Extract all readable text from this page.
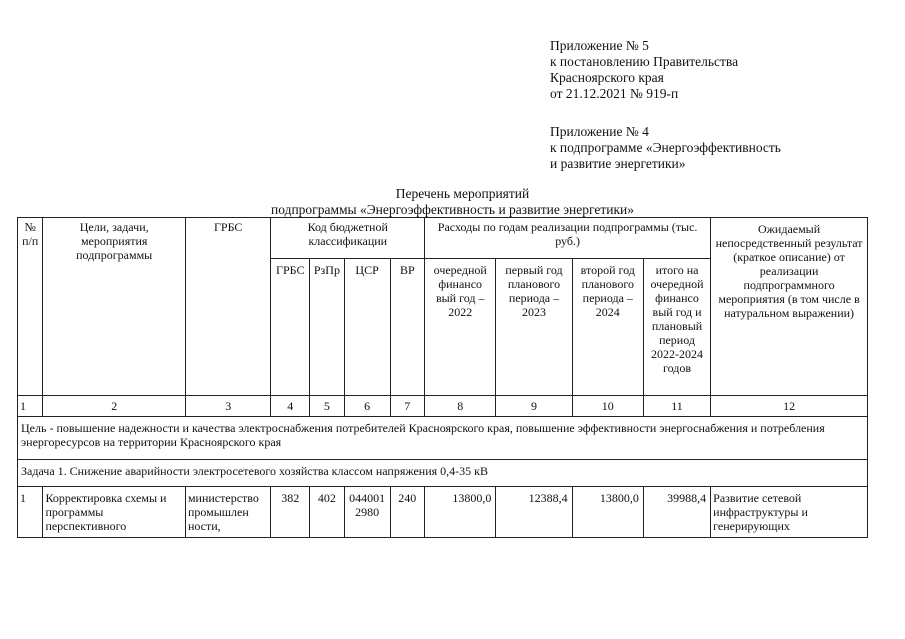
Приложение № 5
к постановлению Правительства
Красноярского края
от 21.12.2021 № 919-п
Приложение № 4
к подпрограмме «Энергоэффективность
и развитие энергетики»
Перечень мероприятий
подпрограммы «Энергоэффективность и развитие энергетики»
№ п/п	Цели, задачи, мероприятия подпрограммы	ГРБС	Код бюджетной классификации				Расходы по годам реализации подпрограммы (тыс. руб.)				Ожидаемый непосредственный результат (краткое описание) от реализации подпрограммного мероприятия (в том числе в натуральном выражении)
			ГРБС	РзПр	ЦСР	ВР	очередной финансо вый год – 2022	первый год планового периода – 2023	второй год планового периода – 2024	итого на очередной финансо вый год и плановый период 2022-2024 годов	
1	2	3	4	5	6	7	8	9	10	11	12
Цель - повышение надежности и качества электроснабжения потребителей Красноярского края, повышение эффективности энергоснабжения и потребления энергоресурсов на территории Красноярского края											
Задача 1. Снижение аварийности электросетевого хозяйства классом напряжения 0,4-35 кВ											
1	Корректировка схемы и программы перспективного	министерство промышлен ности,	382	402	044001 2980	240	13800,0	12388,4	13800,0	39988,4	Развитие сетевой инфраструктуры и генерирующих
